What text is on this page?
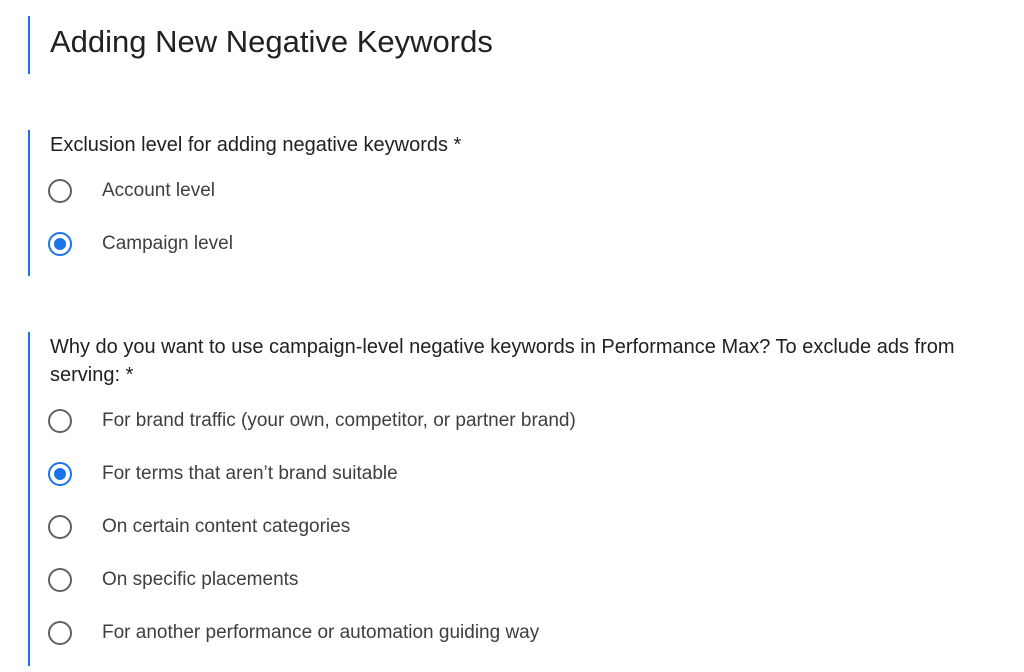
Adding New Negative Keywords

Exclusion level for adding negative keywords *

Account level
Campaign level

Why do you want to use campaign-level negative keywords in Performance Max? To exclude ads from serving: *

For brand traffic (your own, competitor, or partner brand)
For terms that aren’t brand suitable
On certain content categories
On specific placements
For another performance or automation guiding way
